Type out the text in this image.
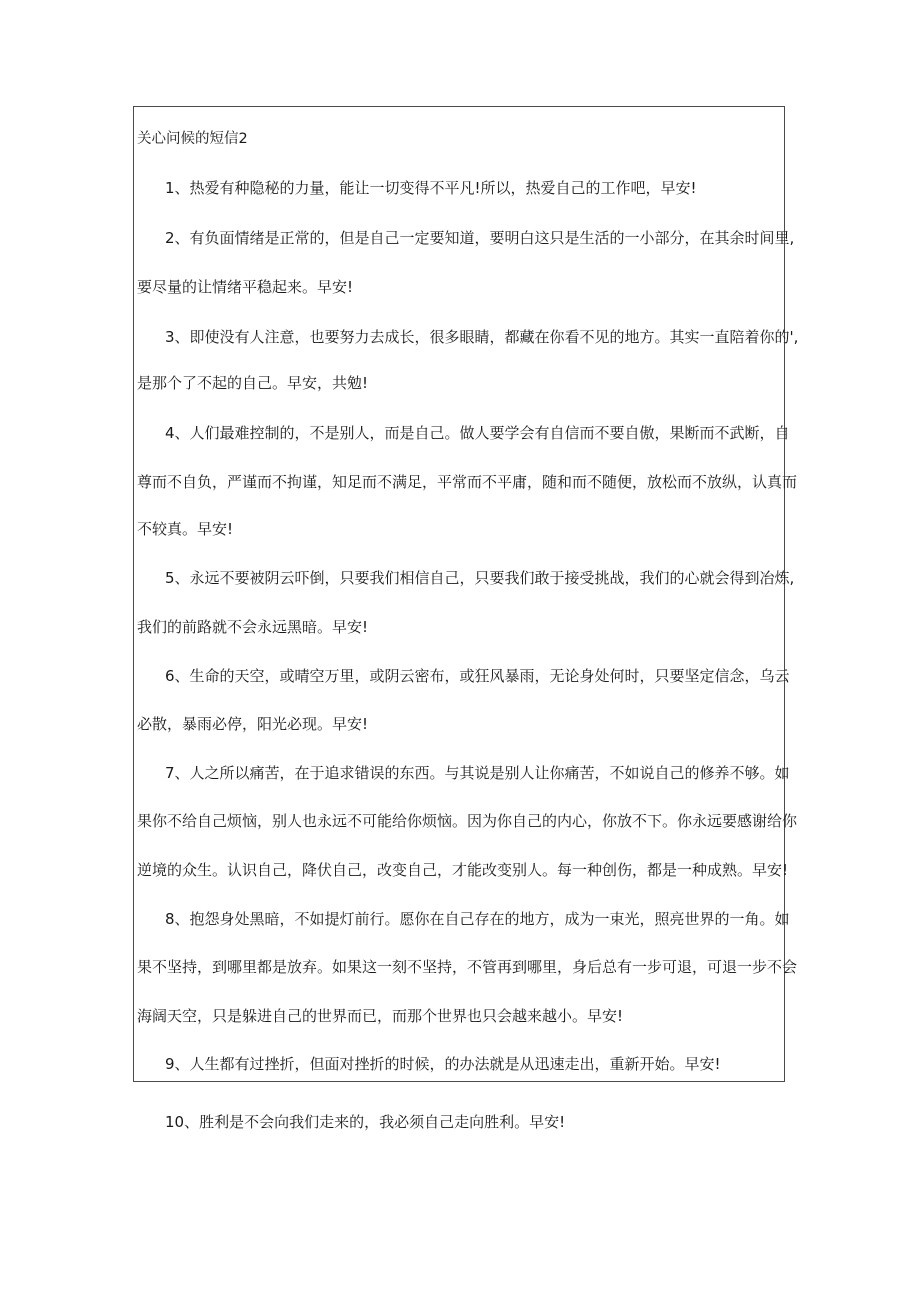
关心问候的短信2

1、热爱有种隐秘的力量，能让一切变得不平凡!所以，热爱自己的工作吧，早安!

2、有负面情绪是正常的，但是自己一定要知道，要明白这只是生活的一小部分，在其余时间里,

要尽量的让情绪平稳起来。早安!

3、即使没有人注意，也要努力去成长，很多眼睛，都藏在你看不见的地方。其实一直陪着你的',

是那个了不起的自己。早安，共勉!

4、人们最难控制的，不是别人，而是自己。做人要学会有自信而不要自傲，果断而不武断，自

尊而不自负，严谨而不拘谨，知足而不满足，平常而不平庸，随和而不随便，放松而不放纵，认真而

不较真。早安!

5、永远不要被阴云吓倒，只要我们相信自己，只要我们敢于接受挑战，我们的心就会得到冶炼,

我们的前路就不会永远黑暗。早安!

6、生命的天空，或晴空万里，或阴云密布，或狂风暴雨，无论身处何时，只要坚定信念，乌云

必散，暴雨必停，阳光必现。早安!

7、人之所以痛苦，在于追求错误的东西。与其说是别人让你痛苦，不如说自己的修养不够。如

果你不给自己烦恼，别人也永远不可能给你烦恼。因为你自己的内心，你放不下。你永远要感谢给你

逆境的众生。认识自己，降伏自己，改变自己，才能改变别人。每一种创伤，都是一种成熟。早安!

8、抱怨身处黑暗，不如提灯前行。愿你在自己存在的地方，成为一束光，照亮世界的一角。如

果不坚持，到哪里都是放弃。如果这一刻不坚持，不管再到哪里，身后总有一步可退，可退一步不会

海阔天空，只是躲进自己的世界而已，而那个世界也只会越来越小。早安!

9、人生都有过挫折，但面对挫折的时候，的办法就是从迅速走出，重新开始。早安!

10、胜利是不会向我们走来的，我必须自己走向胜利。早安!
